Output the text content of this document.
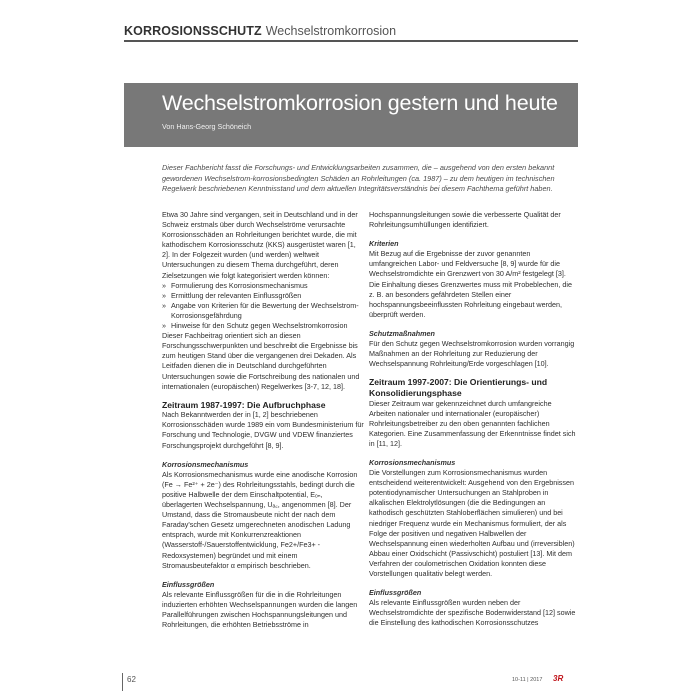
KORROSIONSSCHUTZ Wechselstromkorrosion
Wechselstromkorrosion gestern und heute
Von Hans-Georg Schöneich
Dieser Fachbericht fasst die Forschungs- und Entwicklungsarbeiten zusammen, die – ausgehend von den ersten bekannt gewordenen Wechselstrom-korrosionsbedingten Schäden an Rohrleitungen (ca. 1987) – zu dem heutigen im technischen Regelwerk beschriebenen Kenntnisstand und dem aktuellen Integritätsverständnis bei diesem Fachthema geführt haben.

Etwa 30 Jahre sind vergangen, seit in Deutschland und in der Schweiz erstmals über durch Wechselströme verursachte Korrosionsschäden an Rohrleitungen berichtet wurde, die mit kathodischem Korrosionsschutz (KKS) ausgerüstet waren [1, 2]. In der Folgezeit wurden (und werden) weltweit Untersuchungen zu diesem Thema durchgeführt, deren Zielsetzungen wie folgt kategorisiert werden können:

» Formulierung des Korrosionsmechanismus

» Ermittlung der relevanten Einflussgrößen

» Angabe von Kriterien für die Bewertung der Wechselstrom-Korrosionsgefährdung

» Hinweise für den Schutz gegen Wechselstromkorrosion

Dieser Fachbeitrag orientiert sich an diesen Forschungsschwerpunkten und beschreibt die Ergebnisse bis zum heutigen Stand über die vergangenen drei Dekaden. Als Leitfaden dienen die in Deutschland durchgeführten Untersuchungen sowie die Fortschreibung des nationalen und internationalen (europäischen) Regelwerkes [3-7, 12, 18].

Zeitraum 1987-1997: Die Aufbruchphase

Nach Bekanntwerden der in [1, 2] beschriebenen Korrosionsschäden wurde 1989 ein vom Bundesministerium für Forschung und Technologie, DVGW und VDEW finanziertes Forschungsprojekt durchgeführt [8, 9].

Korrosionsmechanismus

Als Korrosionsmechanismus wurde eine anodische Korrosion (Fe → Fe²⁺ + 2e⁻) des Rohrleitungsstahls, bedingt durch die positive Halbwelle der dem Einschaltpotential, Eₒₙ, überlagerten Wechselspannung, Uₐ꜀, angenommen [8]. Der Umstand, dass die Stromausbeute nicht der nach dem Faraday'schen Gesetz umgerechneten anodischen Ladung entsprach, wurde mit Konkurrenzreaktionen (Wasserstoff-/Sauerstoffentwicklung, Fe2+/Fe3+ - Redoxsystemen) begründet und mit einem Stromausbeutefaktor α empirisch beschrieben.

Einflussgrößen

Als relevante Einflussgrößen für die in die Rohrleitungen induzierten erhöhten Wechselspannungen wurden die langen Parallelführungen zwischen Hochspannungsleitungen und Rohrleitungen, die erhöhten Betriebsströme in

Hochspannungsleitungen sowie die verbesserte Qualität der Rohrleitungsumhüllungen identifiziert.

Kriterien

Mit Bezug auf die Ergebnisse der zuvor genannten umfangreichen Labor- und Feldversuche [8, 9] wurde für die Wechselstromdichte ein Grenzwert von 30 A/m² festgelegt [3]. Die Einhaltung dieses Grenzwertes muss mit Probeblechen, die z. B. an besonders gefährdeten Stellen einer hochspannungsbeeinflussten Rohrleitung eingebaut werden, überprüft werden.

Schutzmaßnahmen

Für den Schutz gegen Wechselstromkorrosion wurden vorrangig Maßnahmen an der Rohrleitung zur Reduzierung der Wechselspannung Rohrleitung/Erde vorgeschlagen [10].

Zeitraum 1997-2007: Die Orientierungs- und Konsolidierungsphase

Dieser Zeitraum war gekennzeichnet durch umfangreiche Arbeiten nationaler und internationaler (europäischer) Rohrleitungsbetreiber zu den oben genannten fachlichen Kategorien. Eine Zusammenfassung der Erkenntnisse findet sich in [11, 12].

Korrosionsmechanismus

Die Vorstellungen zum Korrosionsmechanismus wurden entscheidend weiterentwickelt: Ausgehend von den Ergebnissen potentiodynamischer Untersuchungen an Stahlproben in alkalischen Elektrolytlösungen (die die Bedingungen an kathodisch geschützten Stahloberflächen simulieren) und bei niedriger Frequenz wurde ein Mechanismus formuliert, der als Folge der positiven und negativen Halbwellen der Wechselspannung einen wiederholten Aufbau und (irreversiblen) Abbau einer Oxidschicht (Passivschicht) postuliert [13]. Mit dem Verfahren der coulometrischen Oxidation konnten diese Vorstellungen qualitativ belegt werden.

Einflussgrößen

Als relevante Einflussgrößen wurden neben der Wechselstromdichte der spezifische Bodenwiderstand [12] sowie die Einstellung des kathodischen Korrosionsschutzes

62	10-11 | 2017 3R
